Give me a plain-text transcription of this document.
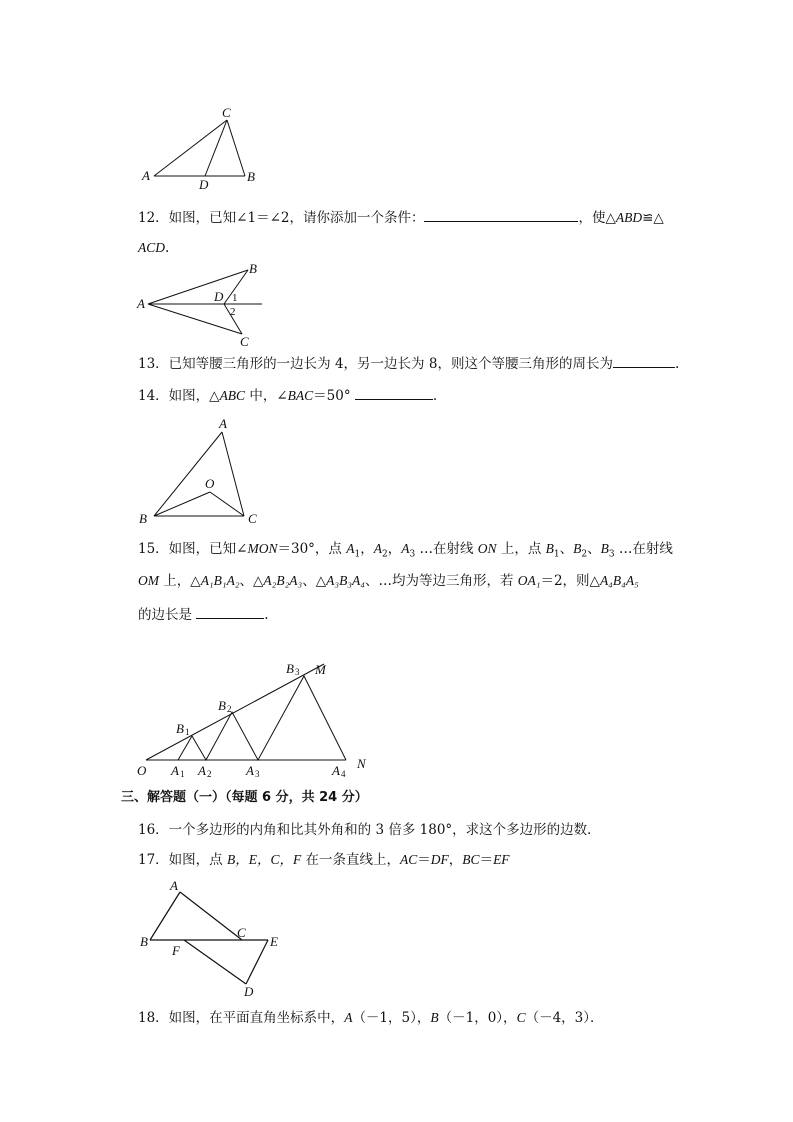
C
A
D
B
12．如图，已知∠1＝∠2，请你添加一个条件：	，使△ABD≌△
ACD.
A
B
C
D 1
2
13．已知等腰三角形的一边长为 4，另一边长为 8，则这个等腰三角形的周长为	.
14．如图，△ABC 中，∠BAC＝50°	.
A
B	C
O
15．如图，已知∠MON＝30°，点 $A_1$，$A_2$，$A_3$ …在射线 ON 上，点 $B_1$、$B_2$、$B_3$ …在射线
OM 上，△A₁B₁A₂、△A₂B₂A₃、△A₃B₃A₄、…均为等边三角形，若 OA₁＝2，则△A₄B₄A₅
的边长是	.
O A 1 A 2	A 3	A 4
N
B 1
B 2
B 3 M
三、解答题（一）（每题 6 分，共 24 分）
16．一个多边形的内角和比其外角和的 3 倍多 180°，求这个多边形的边数．
17．如图，点 B，E，C，F 在一条直线上，AC＝DF，BC＝EF
A
B
F
C
E
D
18．如图，在平面直角坐标系中，A（－1，5），B（－1，0），C（－4，3）．
